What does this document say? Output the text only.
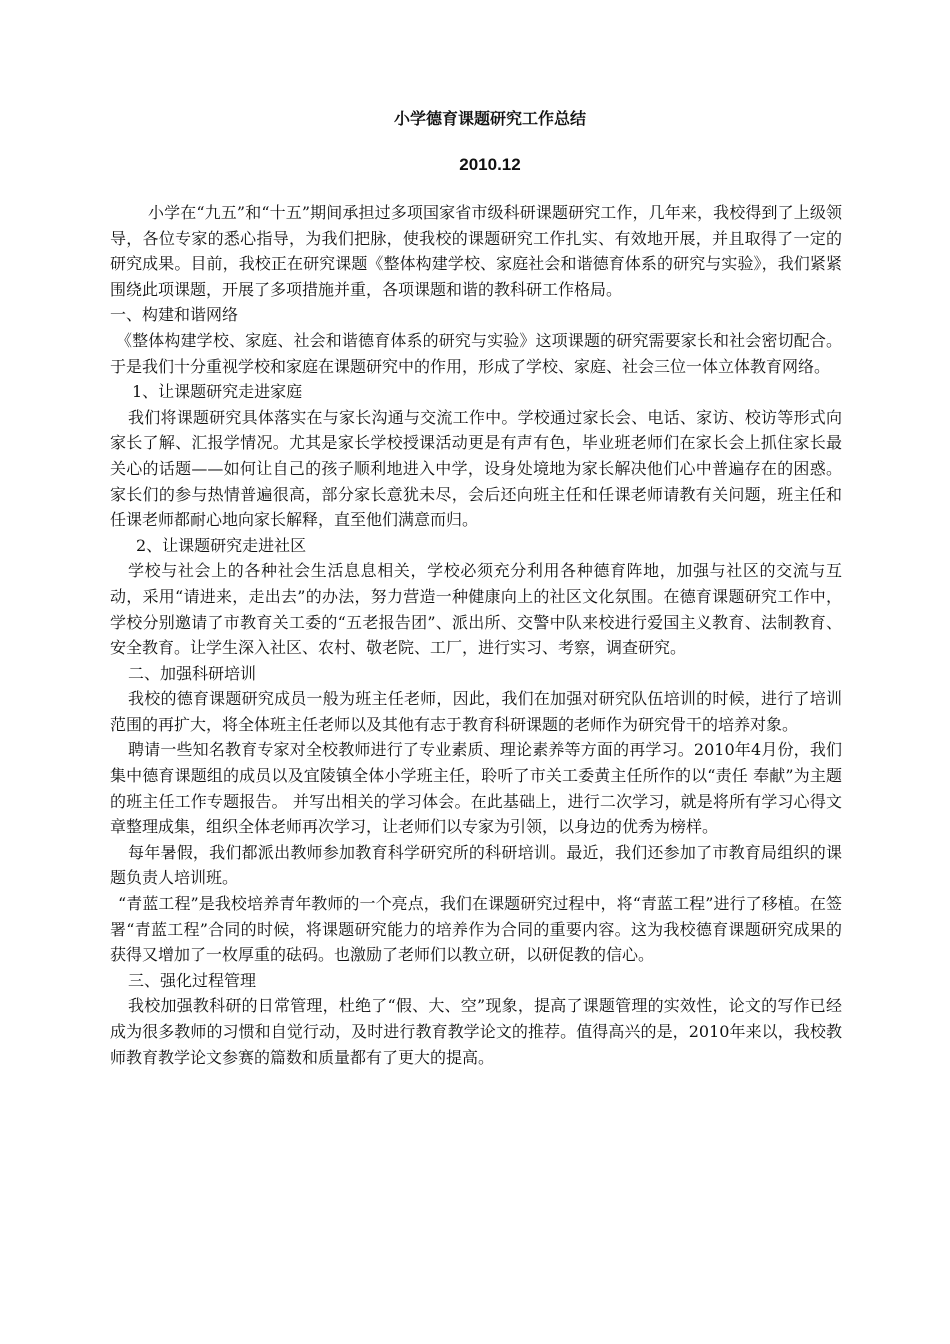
小学德育课题研究工作总结
2010.12

小学在“九五”和“十五”期间承担过多项国家省市级科研课题研究工作，几年来，我校得到了上级领导，各位专家的悉心指导，为我们把脉，使我校的课题研究工作扎实、有效地开展，并且取得了一定的研究成果。目前，我校正在研究课题《整体构建学校、家庭社会和谐德育体系的研究与实验》，我们紧紧围绕此项课题，开展了多项措施并重，各项课题和谐的教科研工作格局。

一、构建和谐网络

《整体构建学校、家庭、社会和谐德育体系的研究与实验》这项课题的研究需要家长和社会密切配合。于是我们十分重视学校和家庭在课题研究中的作用，形成了学校、家庭、社会三位一体立体教育网络。

1、让课题研究走进家庭

我们将课题研究具体落实在与家长沟通与交流工作中。学校通过家长会、电话、家访、校访等形式向家长了解、汇报学情况。尤其是家长学校授课活动更是有声有色，毕业班老师们在家长会上抓住家长最关心的话题——如何让自己的孩子顺利地进入中学，设身处境地为家长解决他们心中普遍存在的困惑。家长们的参与热情普遍很高，部分家长意犹未尽，会后还向班主任和任课老师请教有关问题，班主任和任课老师都耐心地向家长解释，直至他们满意而归。

2、让课题研究走进社区

学校与社会上的各种社会生活息息相关，学校必须充分利用各种德育阵地，加强与社区的交流与互动，采用“请进来，走出去”的办法，努力营造一种健康向上的社区文化氛围。在德育课题研究工作中，学校分别邀请了市教育关工委的“五老报告团”、派出所、交警中队来校进行爱国主义教育、法制教育、安全教育。让学生深入社区、农村、敬老院、工厂，进行实习、考察，调查研究。

二、加强科研培训

我校的德育课题研究成员一般为班主任老师，因此，我们在加强对研究队伍培训的时候，进行了培训范围的再扩大，将全体班主任老师以及其他有志于教育科研课题的老师作为研究骨干的培养对象。

聘请一些知名教育专家对全校教师进行了专业素质、理论素养等方面的再学习。2010年4月份，我们集中德育课题组的成员以及宜陵镇全体小学班主任，聆听了市关工委黄主任所作的以“责任 奉献”为主题的班主任工作专题报告。 并写出相关的学习体会。在此基础上，进行二次学习，就是将所有学习心得文章整理成集，组织全体老师再次学习，让老师们以专家为引领，以身边的优秀为榜样。

每年暑假，我们都派出教师参加教育科学研究所的科研培训。最近，我们还参加了市教育局组织的课题负责人培训班。

“青蓝工程”是我校培养青年教师的一个亮点，我们在课题研究过程中，将“青蓝工程”进行了移植。在签署“青蓝工程”合同的时候，将课题研究能力的培养作为合同的重要内容。这为我校德育课题研究成果的获得又增加了一枚厚重的砝码。也激励了老师们以教立研，以研促教的信心。

三、强化过程管理

我校加强教科研的日常管理，杜绝了“假、大、空”现象，提高了课题管理的实效性，论文的写作已经成为很多教师的习惯和自觉行动，及时进行教育教学论文的推荐。值得高兴的是，2010年来以，我校教师教育教学论文参赛的篇数和质量都有了更大的提高。
